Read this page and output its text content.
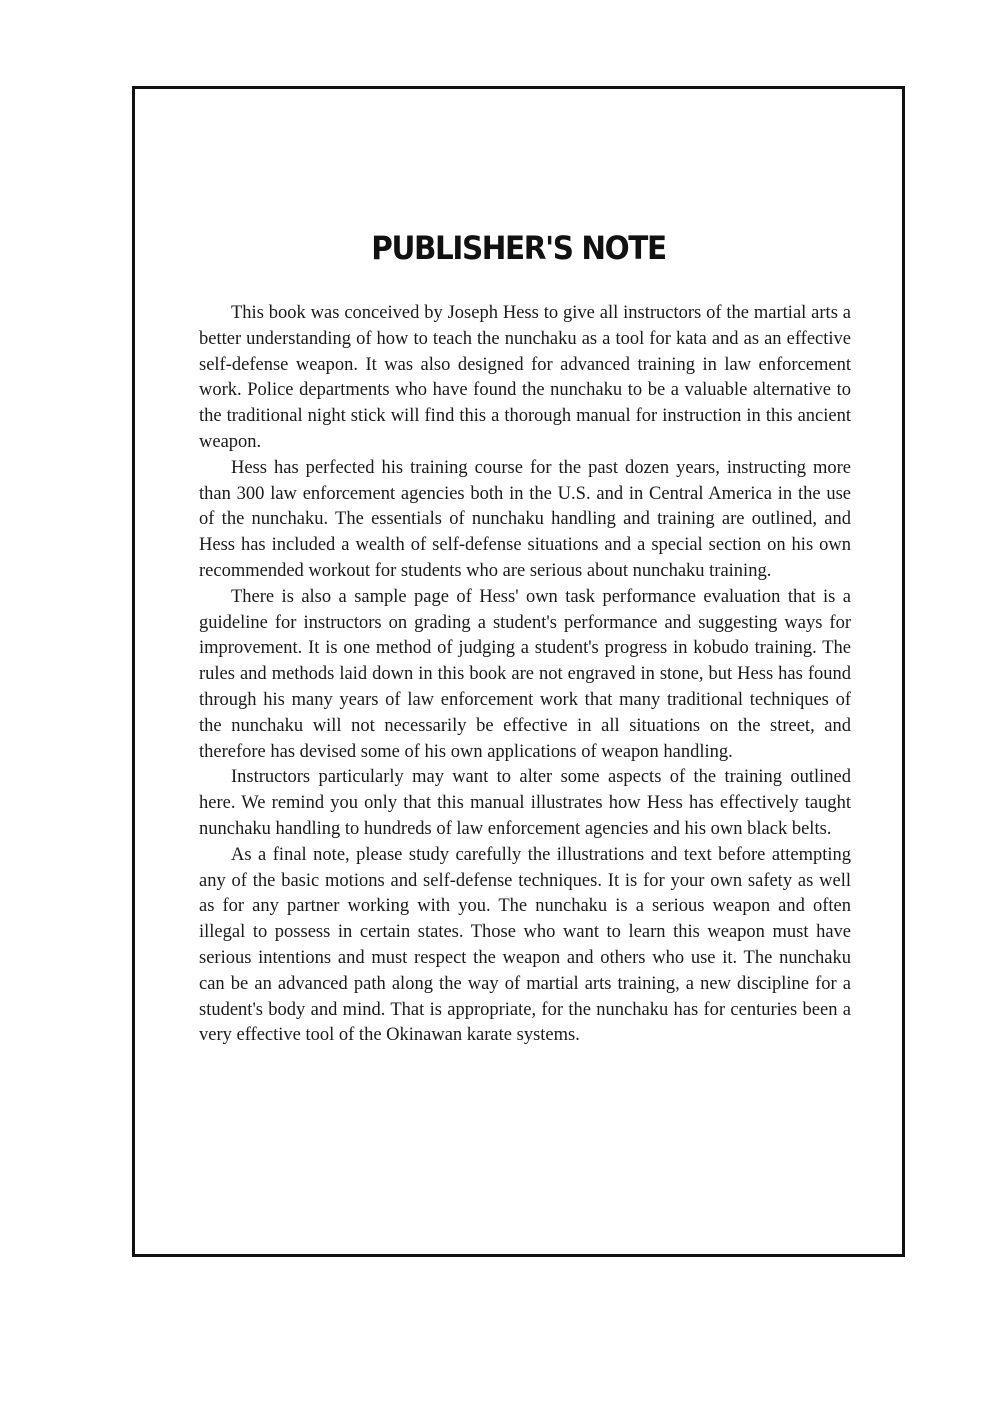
PUBLISHER'S NOTE

This book was conceived by Joseph Hess to give all instructors of the martial arts a better understanding of how to teach the nunchaku as a tool for kata and as an effective self-defense weapon. It was also designed for advanced training in law enforcement work. Police departments who have found the nunchaku to be a valuable alternative to the traditional night stick will find this a thorough manual for instruction in this ancient weapon.

Hess has perfected his training course for the past dozen years, instructing more than 300 law enforcement agencies both in the U.S. and in Central America in the use of the nunchaku. The essentials of nunchaku handling and training are outlined, and Hess has included a wealth of self-defense situations and a special section on his own recommended workout for students who are serious about nunchaku training.

There is also a sample page of Hess' own task performance evaluation that is a guideline for instructors on grading a student's performance and suggesting ways for improvement. It is one method of judging a student's progress in kobudo training. The rules and methods laid down in this book are not engraved in stone, but Hess has found through his many years of law enforcement work that many traditional techniques of the nunchaku will not necessarily be effective in all situations on the street, and therefore has devised some of his own applications of weapon handling.

Instructors particularly may want to alter some aspects of the training outlined here. We remind you only that this manual illustrates how Hess has effectively taught nunchaku handling to hundreds of law enforcement agencies and his own black belts.

As a final note, please study carefully the illustrations and text before attempting any of the basic motions and self-defense techniques. It is for your own safety as well as for any partner working with you. The nunchaku is a serious weapon and often illegal to possess in certain states. Those who want to learn this weapon must have serious intentions and must respect the weapon and others who use it. The nunchaku can be an advanced path along the way of martial arts training, a new discipline for a student's body and mind. That is appropriate, for the nunchaku has for centuries been a very effective tool of the Okinawan karate systems.
